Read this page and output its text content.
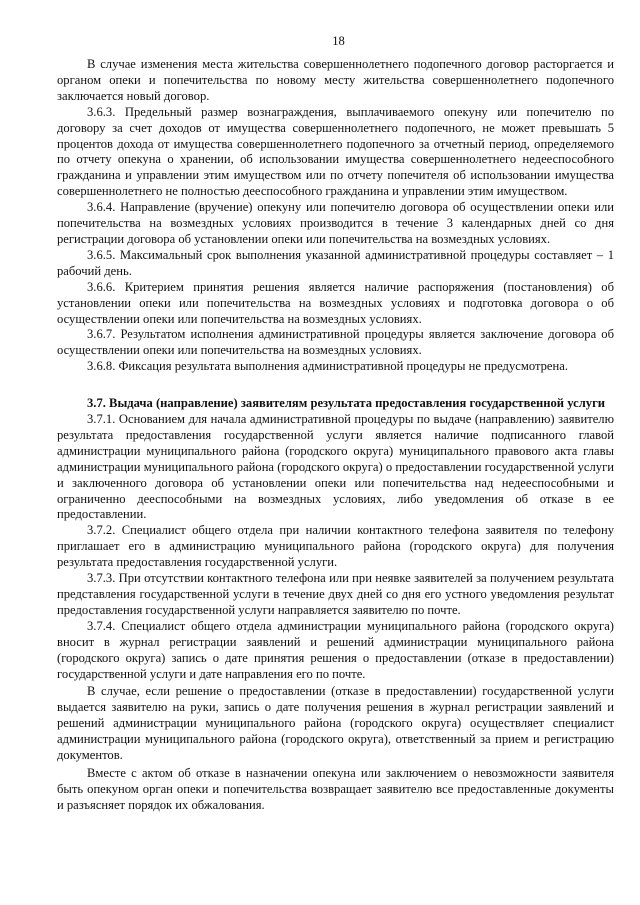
18

В случае изменения места жительства совершеннолетнего подопечного договор расторгается и органом опеки и попечительства по новому месту жительства совершеннолетнего подопечного заключается новый договор.

3.6.3. Предельный размер вознаграждения, выплачиваемого опекуну или попечителю по договору за счет доходов от имущества совершеннолетнего подопечного, не может превышать 5 процентов дохода от имущества совершеннолетнего подопечного за отчетный период, определяемого по отчету опекуна о хранении, об использовании имущества совершеннолетнего недееспособного гражданина и управлении этим имуществом или по отчету попечителя об использовании имущества совершеннолетнего не полностью дееспособного гражданина и управлении этим имуществом.

3.6.4. Направление (вручение) опекуну или попечителю договора об осуществлении опеки или попечительства на возмездных условиях производится в течение 3 календарных дней со дня регистрации договора об установлении опеки или попечительства на возмездных условиях.

3.6.5. Максимальный срок выполнения указанной административной процедуры составляет – 1 рабочий день.

3.6.6. Критерием принятия решения является наличие распоряжения (постановления) об установлении опеки или попечительства на возмездных условиях и подготовка договора о об осуществлении опеки или попечительства на возмездных условиях.

3.6.7. Результатом исполнения административной процедуры является заключение договора об осуществлении опеки или попечительства на возмездных условиях.

3.6.8. Фиксация результата выполнения административной процедуры не предусмотрена.

3.7. Выдача (направление) заявителям результата предоставления государственной услуги

3.7.1. Основанием для начала административной процедуры по выдаче (направлению) заявителю результата предоставления государственной услуги является наличие подписанного главой администрации муниципального района (городского округа) муниципального правового акта главы администрации муниципального района (городского округа) о предоставлении государственной услуги и заключенного договора об установлении опеки или попечительства над недееспособными и ограниченно дееспособными на возмездных условиях, либо уведомления об отказе в ее предоставлении.

3.7.2. Специалист общего отдела при наличии контактного телефона заявителя по телефону приглашает его в администрацию муниципального района (городского округа) для получения результата предоставления государственной услуги.

3.7.3. При отсутствии контактного телефона или при неявке заявителей за получением результата представления государственной услуги в течение двух дней со дня его устного уведомления результат предоставления государственной услуги направляется заявителю по почте.

3.7.4. Специалист общего отдела администрации муниципального района (городского округа) вносит в журнал регистрации заявлений и решений администрации муниципального района (городского округа) запись о дате принятия решения о предоставлении (отказе в предоставлении) государственной услуги и дате направления его по почте.

В случае, если решение о предоставлении (отказе в предоставлении) государственной услуги выдается заявителю на руки, запись о дате получения решения в журнал регистрации заявлений и решений администрации муниципального района (городского округа) осуществляет специалист администрации муниципального района (городского округа), ответственный за прием и регистрацию документов.

Вместе с актом об отказе в назначении опекуна или заключением о невозможности заявителя быть опекуном орган опеки и попечительства возвращает заявителю все предоставленные документы и разъясняет порядок их обжалования.
